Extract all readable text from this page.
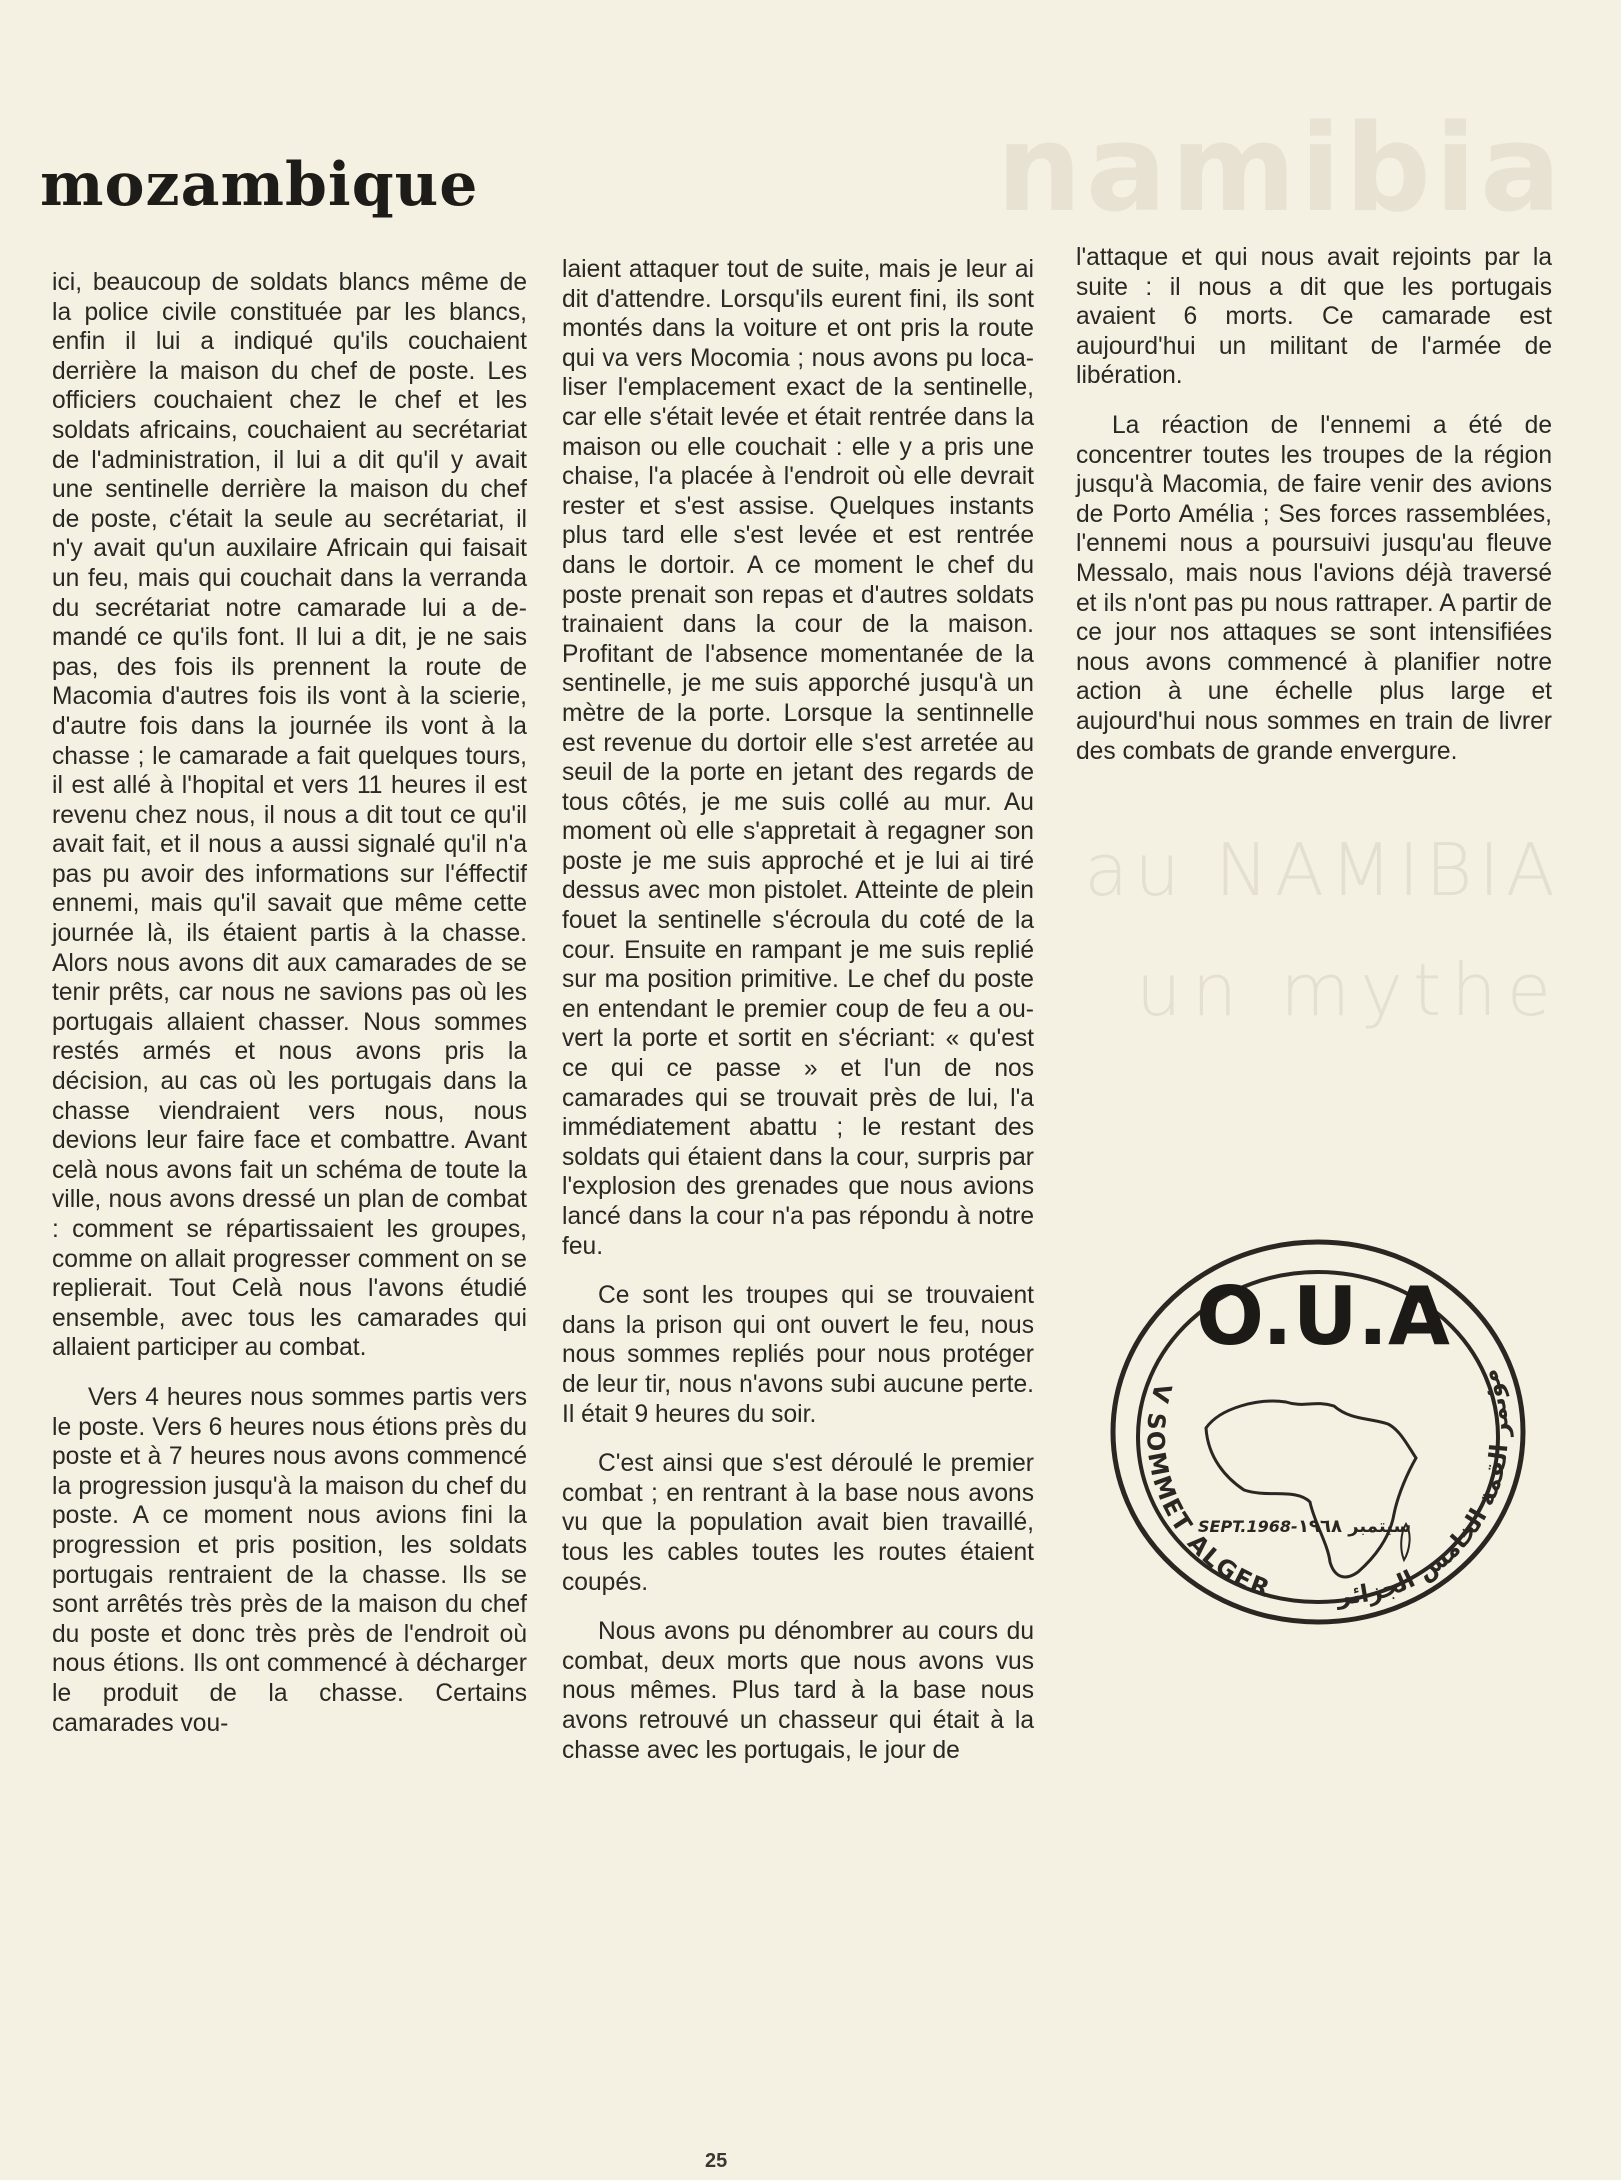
namibia
au NAMIBIA
un mythe
mozambique

ici, beaucoup de soldats blancs même de la police civile constituée par les blancs, enfin il lui a indiqué qu'ils couchaient derrière la maison du chef de poste. Les officiers couchaient chez le chef et les soldats africains, couchaient au secrétariat de l'administration, il lui a dit qu'il y avait une sentinelle derrière la maison du chef de poste, c'était la seule au secrétariat, il n'y avait qu'un auxilaire Africain qui faisait un feu, mais qui couchait dans la verranda du secrétariat notre camarade lui a demandé ce qu'ils font. Il lui a dit, je ne sais pas, des fois ils prennent la route de Macomia d'autres fois ils vont à la scierie, d'autre fois dans la journée ils vont à la chasse ; le camarade a fait quelques tours, il est allé à l'hopital et vers 11 heures il est revenu chez nous, il nous a dit tout ce qu'il avait fait, et il nous a aussi signalé qu'il n'a pas pu avoir des informations sur l'éffectif ennemi, mais qu'il savait que même cette journée là, ils étaient partis à la chasse. Alors nous avons dit aux camarades de se tenir prêts, car nous ne savions pas où les portugais allaient chasser. Nous sommes restés armés et nous avons pris la décision, au cas où les portugais dans la chasse viendraient vers nous, nous devions leur faire face et combattre. Avant celà nous avons fait un schéma de toute la ville, nous avons dressé un plan de combat : comment se répartissaient les groupes, comme on allait progresser comment on se replierait. Tout Celà nous l'avons étudié ensemble, avec tous les camarades qui allaient participer au combat.

Vers 4 heures nous sommes partis vers le poste. Vers 6 heures nous étions près du poste et à 7 heures nous avons commencé la progression jusqu'à la maison du chef du poste. A ce moment nous avions fini la progression et pris position, les soldats portugais rentraient de la chasse. Ils se sont arrêtés très près de la maison du chef du poste et donc très près de l'endroit où nous étions. Ils ont commencé à décharger le produit de la chasse. Certains camarades vou-

laient attaquer tout de suite, mais je leur ai dit d'attendre. Lorsqu'ils eurent fini, ils sont montés dans la voiture et ont pris la route qui va vers Mocomia ; nous avons pu localiser l'emplacement exact de la sentinelle, car elle s'était levée et était rentrée dans la maison ou elle couchait : elle y a pris une chaise, l'a placée à l'endroit où elle devrait rester et s'est assise. Quelques instants plus tard elle s'est levée et est rentrée dans le dortoir. A ce moment le chef du poste prenait son repas et d'autres soldats trainaient dans la cour de la maison. Profitant de l'absence momentanée de la sentinelle, je me suis apporché jusqu'à un mètre de la porte. Lorsque la sentinnelle est revenue du dortoir elle s'est arretée au seuil de la porte en jetant des regards de tous côtés, je me suis collé au mur. Au moment où elle s'appretait à regagner son poste je me suis approché et je lui ai tiré dessus avec mon pistolet. Atteinte de plein fouet la sentinelle s'écroula du coté de la cour. Ensuite en rampant je me suis replié sur ma position primitive. Le chef du poste en entendant le premier coup de feu a ouvert la porte et sortit en s'écriant: « qu'est ce qui ce passe » et l'un de nos camarades qui se trouvait près de lui, l'a immédiatement abattu ; le restant des soldats qui étaient dans la cour, surpris par l'explosion des grenades que nous avions lancé dans la cour n'a pas répondu à notre feu.

Ce sont les troupes qui se trouvaient dans la prison qui ont ouvert le feu, nous nous sommes repliés pour nous protéger de leur tir, nous n'avons subi aucune perte. Il était 9 heures du soir.

C'est ainsi que s'est déroulé le premier combat ; en rentrant à la base nous avons vu que la population avait bien travaillé, tous les cables toutes les routes étaient coupés.

Nous avons pu dénombrer au cours du combat, deux morts que nous avons vus nous mêmes. Plus tard à la base nous avons retrouvé un chasseur qui était à la chasse avec les portugais, le jour de

l'attaque et qui nous avait rejoints par la suite : il nous a dit que les portugais avaient 6 morts. Ce camarade est aujourd'hui un militant de l'armée de libération.

La réaction de l'ennemi a été de concentrer toutes les troupes de la région jusqu'à Macomia, de faire venir des avions de Porto Amélia ; Ses forces rassemblées, l'ennemi nous a poursuivi jusqu'au fleuve Messalo, mais nous l'avions déjà traversé et ils n'ont pas pu nous rattraper. A partir de ce jour nos attaques se sont intensifiées nous avons commencé à planifier notre action à une échelle plus large et aujourd'hui nous sommes en train de livrer des combats de grande envergure.

O.U.A
SEPT.1968- سبتمبر ١٩٦٨
V SOMMET ALGER	مؤتمر القمة الخامس الجزائر
25
